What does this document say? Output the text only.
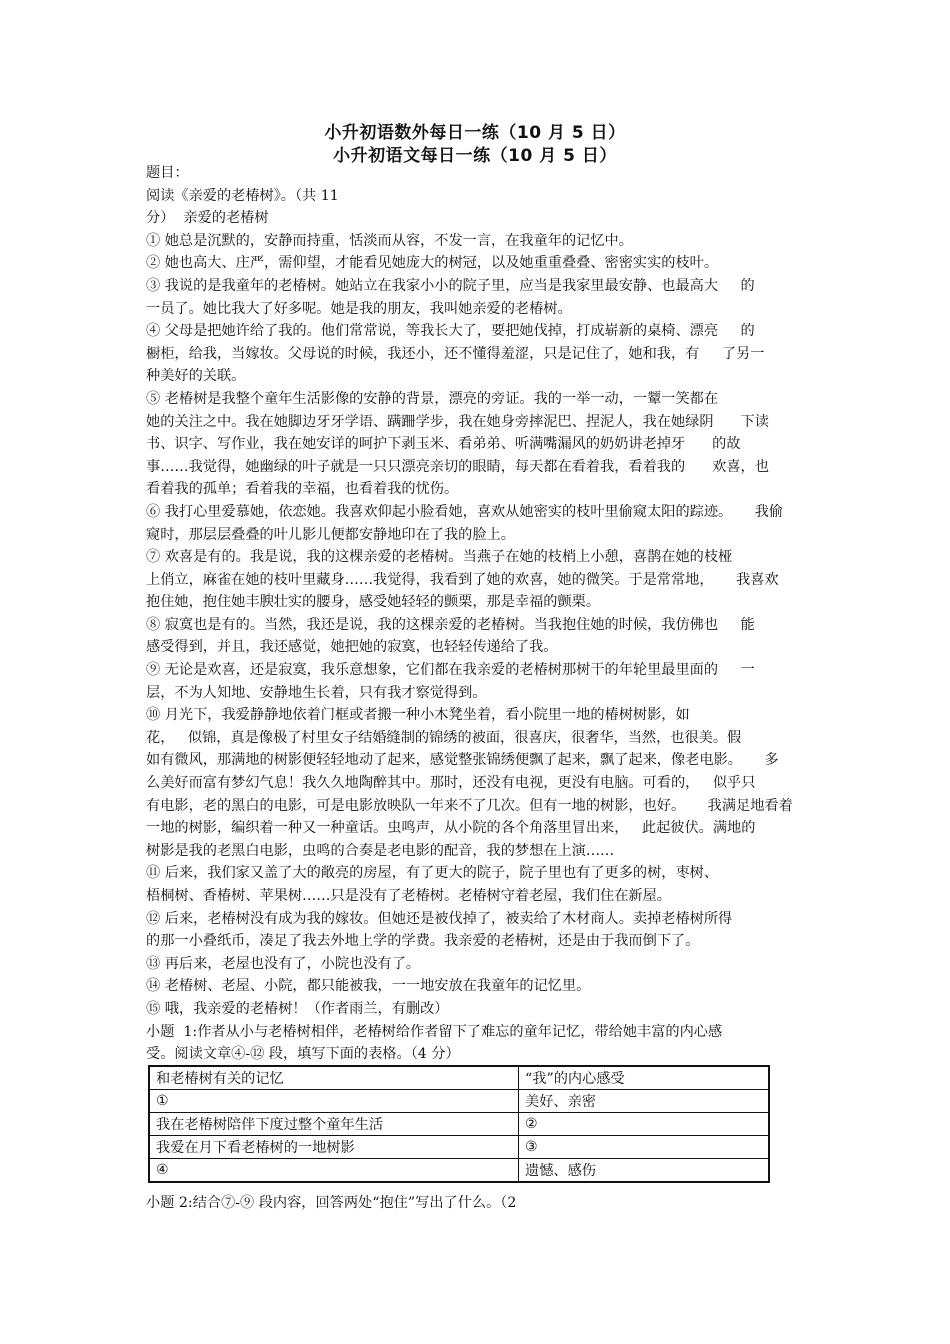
小升初语数外每日一练（10 月 5 日）
小升初语文每日一练（10 月 5 日）
题目：
阅读《亲爱的老椿树》。（共 11
分）  亲爱的老椿树
① 她总是沉默的，安静而持重，恬淡而从容，不发一言，在我童年的记忆中。
② 她也高大、庄严，需仰望，才能看见她庞大的树冠，以及她重重叠叠、密密实实的枝叶。
③ 我说的是我童年的老椿树。她站立在我家小小的院子里，应当是我家里最安静、也最高大     的
一员了。她比我大了好多呢。她是我的朋友，我叫她亲爱的老椿树。
④ 父母是把她许给了我的。他们常常说，等我长大了，要把她伐掉，打成崭新的桌椅、漂亮     的
橱柜，给我，当嫁妆。父母说的时候，我还小，还不懂得羞涩，只是记住了，她和我，有     了另一
种美好的关联。
⑤ 老椿树是我整个童年生活影像的安静的背景，漂亮的旁证。我的一举一动，一颦一笑都在
她的关注之中。我在她脚边牙牙学语、蹒跚学步，我在她身旁摔泥巴、捏泥人，我在她绿阴      下读
书、识字、写作业，我在她安详的呵护下剥玉米、看弟弟、听满嘴漏风的奶奶讲老掉牙      的故
事……我觉得，她幽绿的叶子就是一只只漂亮亲切的眼睛，每天都在看着我，看着我的      欢喜，也
看着我的孤单；看着我的幸福，也看着我的忧伤。
⑥ 我打心里爱慕她，依恋她。我喜欢仰起小脸看她，喜欢从她密实的枝叶里偷窥太阳的踪迹。     我偷
窥时，那层层叠叠的叶儿影儿便都安静地印在了我的脸上。
⑦ 欢喜是有的。我是说，我的这棵亲爱的老椿树。当燕子在她的枝梢上小憩，喜鹊在她的枝桠
上俏立，麻雀在她的枝叶里藏身……我觉得，我看到了她的欢喜，她的微笑。于是常常地，     我喜欢
抱住她，抱住她丰腴壮实的腰身，感受她轻轻的颤栗，那是幸福的颤栗。
⑧ 寂寞也是有的。当然，我还是说，我的这棵亲爱的老椿树。当我抱住她的时候，我仿佛也     能
感受得到，并且，我还感觉，她把她的寂寞，也轻轻传递给了我。
⑨ 无论是欢喜，还是寂寞，我乐意想象，它们都在我亲爱的老椿树那树干的年轮里最里面的     一
层，不为人知地、安静地生长着，只有我才察觉得到。
⑩ 月光下，我爱静静地依着门框或者搬一种小木凳坐着，看小院里一地的椿树树影，如
花，   似锦，真是像极了村里女子结婚缝制的锦绣的被面，很喜庆，很奢华，当然，也很美。假
如有微风，那满地的树影便轻轻地动了起来，感觉整张锦绣便飘了起来，飘了起来，像老电影。     多
么美好而富有梦幻气息！我久久地陶醉其中。那时，还没有电视，更没有电脑。可看的，   似乎只
有电影，老的黑白的电影，可是电影放映队一年来不了几次。但有一地的树影，也好。     我满足地看着
一地的树影，编织着一种又一种童话。虫鸣声，从小院的各个角落里冒出来，   此起彼伏。满地的
树影是我的老黑白电影，虫鸣的合奏是老电影的配音，我的梦想在上演……
⑪ 后来，我们家又盖了大的敞亮的房屋，有了更大的院子，院子里也有了更多的树，枣树、
梧桐树、香椿树、苹果树……只是没有了老椿树。老椿树守着老屋，我们住在新屋。
⑫ 后来，老椿树没有成为我的嫁妆。但她还是被伐掉了，被卖给了木材商人。卖掉老椿树所得
的那一小叠纸币，凑足了我去外地上学的学费。我亲爱的老椿树，还是由于我而倒下了。
⑬ 再后来，老屋也没有了，小院也没有了。
⑭ 老椿树、老屋、小院，都只能被我，一一地安放在我童年的记忆里。
⑮ 哦，我亲爱的老椿树！（作者雨兰，有删改）
小题  1:作者从小与老椿树相伴，老椿树给作者留下了难忘的童年记忆，带给她丰富的内心感
受。阅读文章④-⑫ 段，填写下面的表格。（4 分）
和老椿树有关的记忆	“我”的内心感受
①	美好、亲密
我在老椿树陪伴下度过整个童年生活	②
我爱在月下看老椿树的一地树影	③
④	遗憾、感伤
小题 2:结合⑦-⑨ 段内容，回答两处“抱住”写出了什么。（2
